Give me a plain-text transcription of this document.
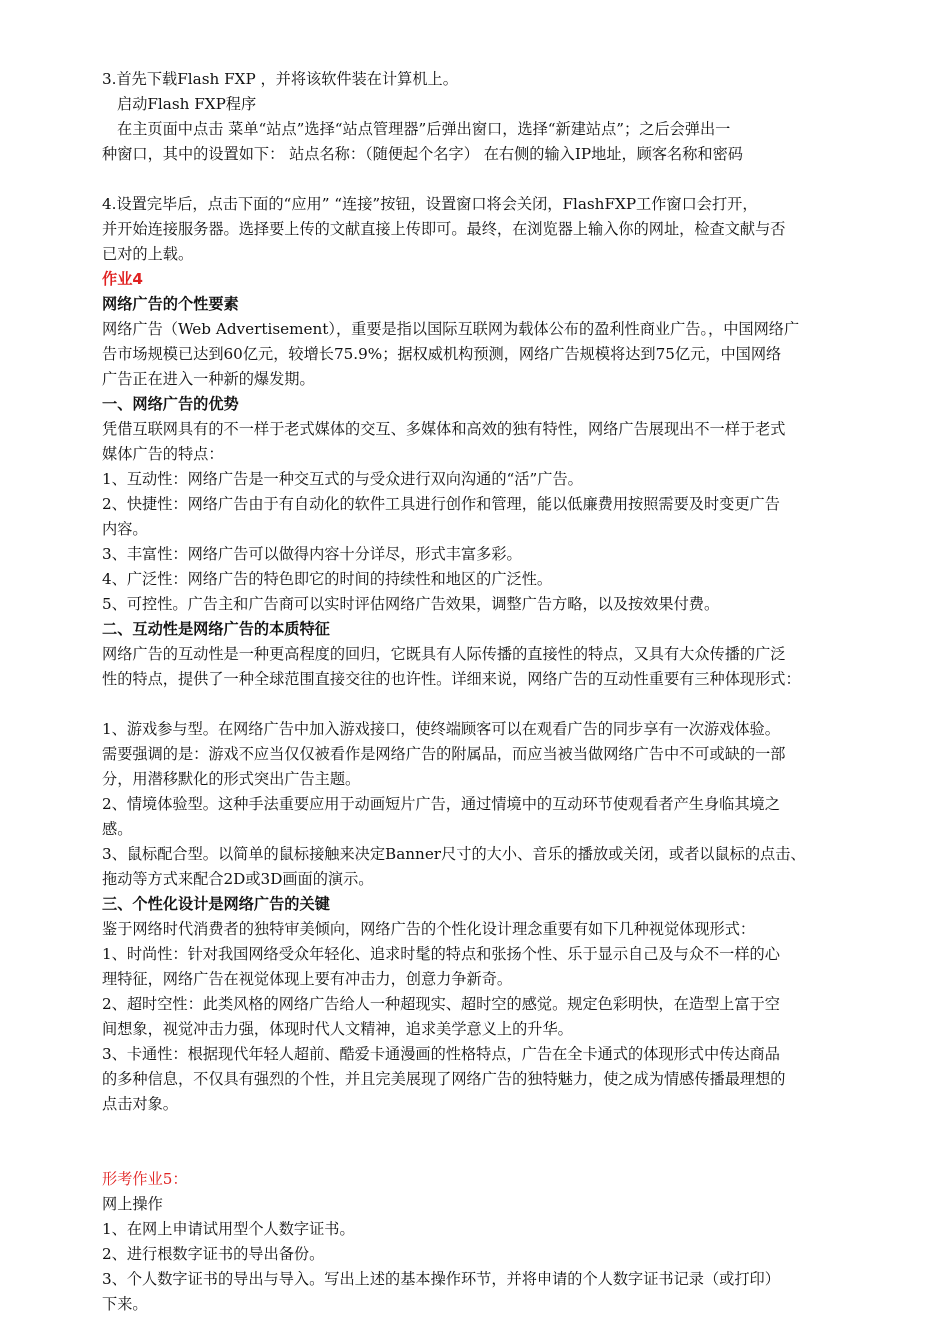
3.首先下载Flash FXP ，并将该软件装在计算机上。

启动Flash FXP程序

在主页面中点击 菜单“站点”选择“站点管理器”后弹出窗口，选择“新建站点”；之后会弹出一

种窗口，其中的设置如下： 站点名称：（随便起个名字） 在右侧的输入IP地址，顾客名称和密码

4.设置完毕后，点击下面的“应用” “连接”按钮，设置窗口将会关闭，FlashFXP工作窗口会打开，

并开始连接服务器。选择要上传的文献直接上传即可。最终，在浏览器上输入你的网址，检查文献与否

已对的上载。

作业4

网络广告的个性要素

网络广告（Web Advertisement），重要是指以国际互联网为载体公布的盈利性商业广告。，中国网络广

告市场规模已达到60亿元，较增长75.9%；据权威机构预测，网络广告规模将达到75亿元，中国网络

广告正在进入一种新的爆发期。

一、网络广告的优势

凭借互联网具有的不一样于老式媒体的交互、多媒体和高效的独有特性，网络广告展现出不一样于老式

媒体广告的特点：

1、互动性：网络广告是一种交互式的与受众进行双向沟通的“活”广告。

2、快捷性：网络广告由于有自动化的软件工具进行创作和管理，能以低廉费用按照需要及时变更广告

内容。

3、丰富性：网络广告可以做得内容十分详尽，形式丰富多彩。

4、广泛性：网络广告的特色即它的时间的持续性和地区的广泛性。

5、可控性。广告主和广告商可以实时评估网络广告效果，调整广告方略，以及按效果付费。

二、互动性是网络广告的本质特征

网络广告的互动性是一种更高程度的回归，它既具有人际传播的直接性的特点，又具有大众传播的广泛

性的特点，提供了一种全球范围直接交往的也许性。详细来说，网络广告的互动性重要有三种体现形式：

1、游戏参与型。在网络广告中加入游戏接口，使终端顾客可以在观看广告的同步享有一次游戏体验。

需要强调的是：游戏不应当仅仅被看作是网络广告的附属品，而应当被当做网络广告中不可或缺的一部

分，用潜移默化的形式突出广告主题。

2、情境体验型。这种手法重要应用于动画短片广告，通过情境中的互动环节使观看者产生身临其境之

感。

3、鼠标配合型。以简单的鼠标接触来决定Banner尺寸的大小、音乐的播放或关闭，或者以鼠标的点击、

拖动等方式来配合2D或3D画面的演示。

三、个性化设计是网络广告的关键

鉴于网络时代消费者的独特审美倾向，网络广告的个性化设计理念重要有如下几种视觉体现形式：

1、时尚性：针对我国网络受众年轻化、追求时髦的特点和张扬个性、乐于显示自己及与众不一样的心

理特征，网络广告在视觉体现上要有冲击力，创意力争新奇。

2、超时空性：此类风格的网络广告给人一种超现实、超时空的感觉。规定色彩明快，在造型上富于空

间想象，视觉冲击力强，体现时代人文精神，追求美学意义上的升华。

3、卡通性：根据现代年轻人超前、酷爱卡通漫画的性格特点，广告在全卡通式的体现形式中传达商品

的多种信息，不仅具有强烈的个性，并且完美展现了网络广告的独特魅力，使之成为情感传播最理想的

点击对象。

形考作业5：

网上操作

1、在网上申请试用型个人数字证书。

2、进行根数字证书的导出备份。

3、个人数字证书的导出与导入。写出上述的基本操作环节，并将申请的个人数字证书记录（或打印）

下来。
